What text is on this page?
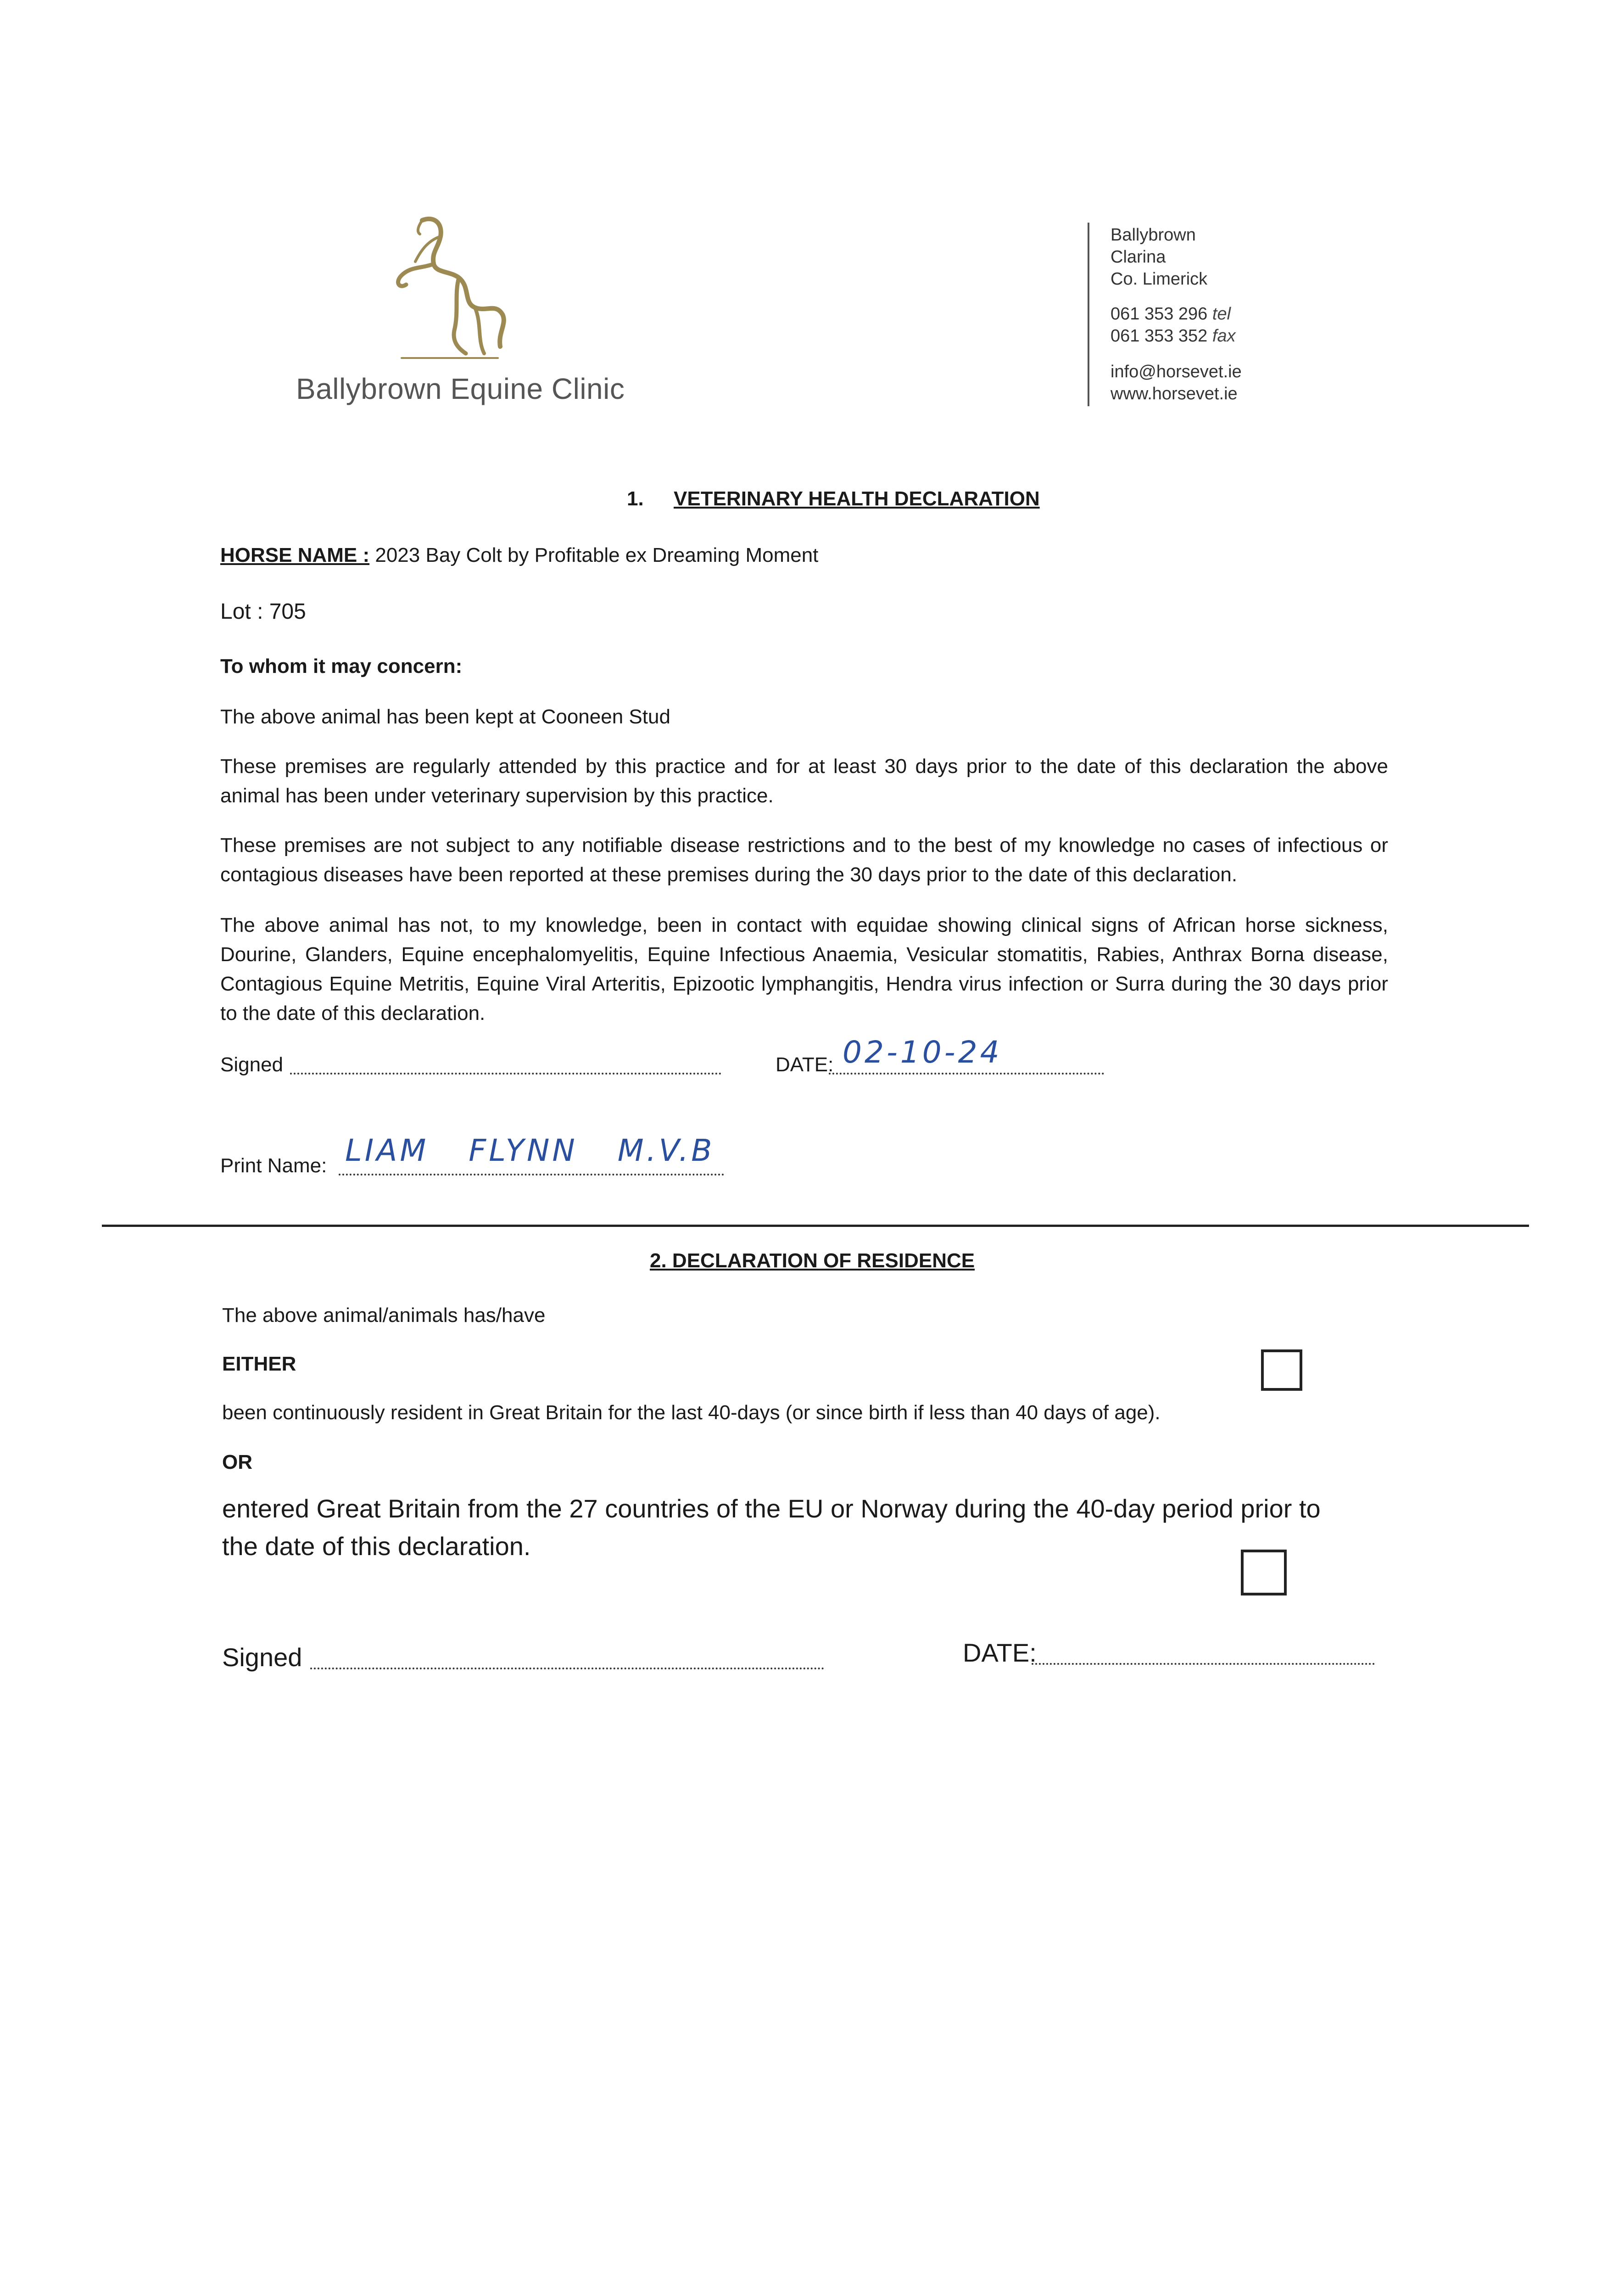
Ballybrown Equine Clinic
Ballybrown
Clarina
Co. Limerick
061 353 296 tel
061 353 352 fax
info@horsevet.ie
www.horsevet.ie
1. VETERINARY HEALTH DECLARATION
HORSE NAME : 2023 Bay Colt by Profitable ex Dreaming Moment
Lot : 705
To whom it may concern:
The above animal has been kept at Cooneen Stud
These premises are regularly attended by this practice and for at least 30 days prior to the date of this declaration the above animal has been under veterinary supervision by this practice.
These premises are not subject to any notifiable disease restrictions and to the best of my knowledge no cases of infectious or contagious diseases have been reported at these premises during the 30 days prior to the date of this declaration.
The above animal has not, to my knowledge, been in contact with equidae showing clinical signs of African horse sickness, Dourine, Glanders, Equine encephalomyelitis, Equine Infectious Anaemia, Vesicular stomatitis, Rabies, Anthrax Borna disease, Contagious Equine Metritis, Equine Viral Arteritis, Epizootic lymphangitis, Hendra virus infection or Surra during the 30 days prior to the date of this declaration.
Signed	DATE: 02-10-24
Print Name: LIAM FLYNN M.V.B
2. DECLARATION OF RESIDENCE
The above animal/animals has/have
EITHER
been continuously resident in Great Britain for the last 40-days (or since birth if less than 40 days of age).
OR
entered Great Britain from the 27 countries of the EU or Norway during the 40-day period prior to
the date of this declaration.
Signed	DATE:
